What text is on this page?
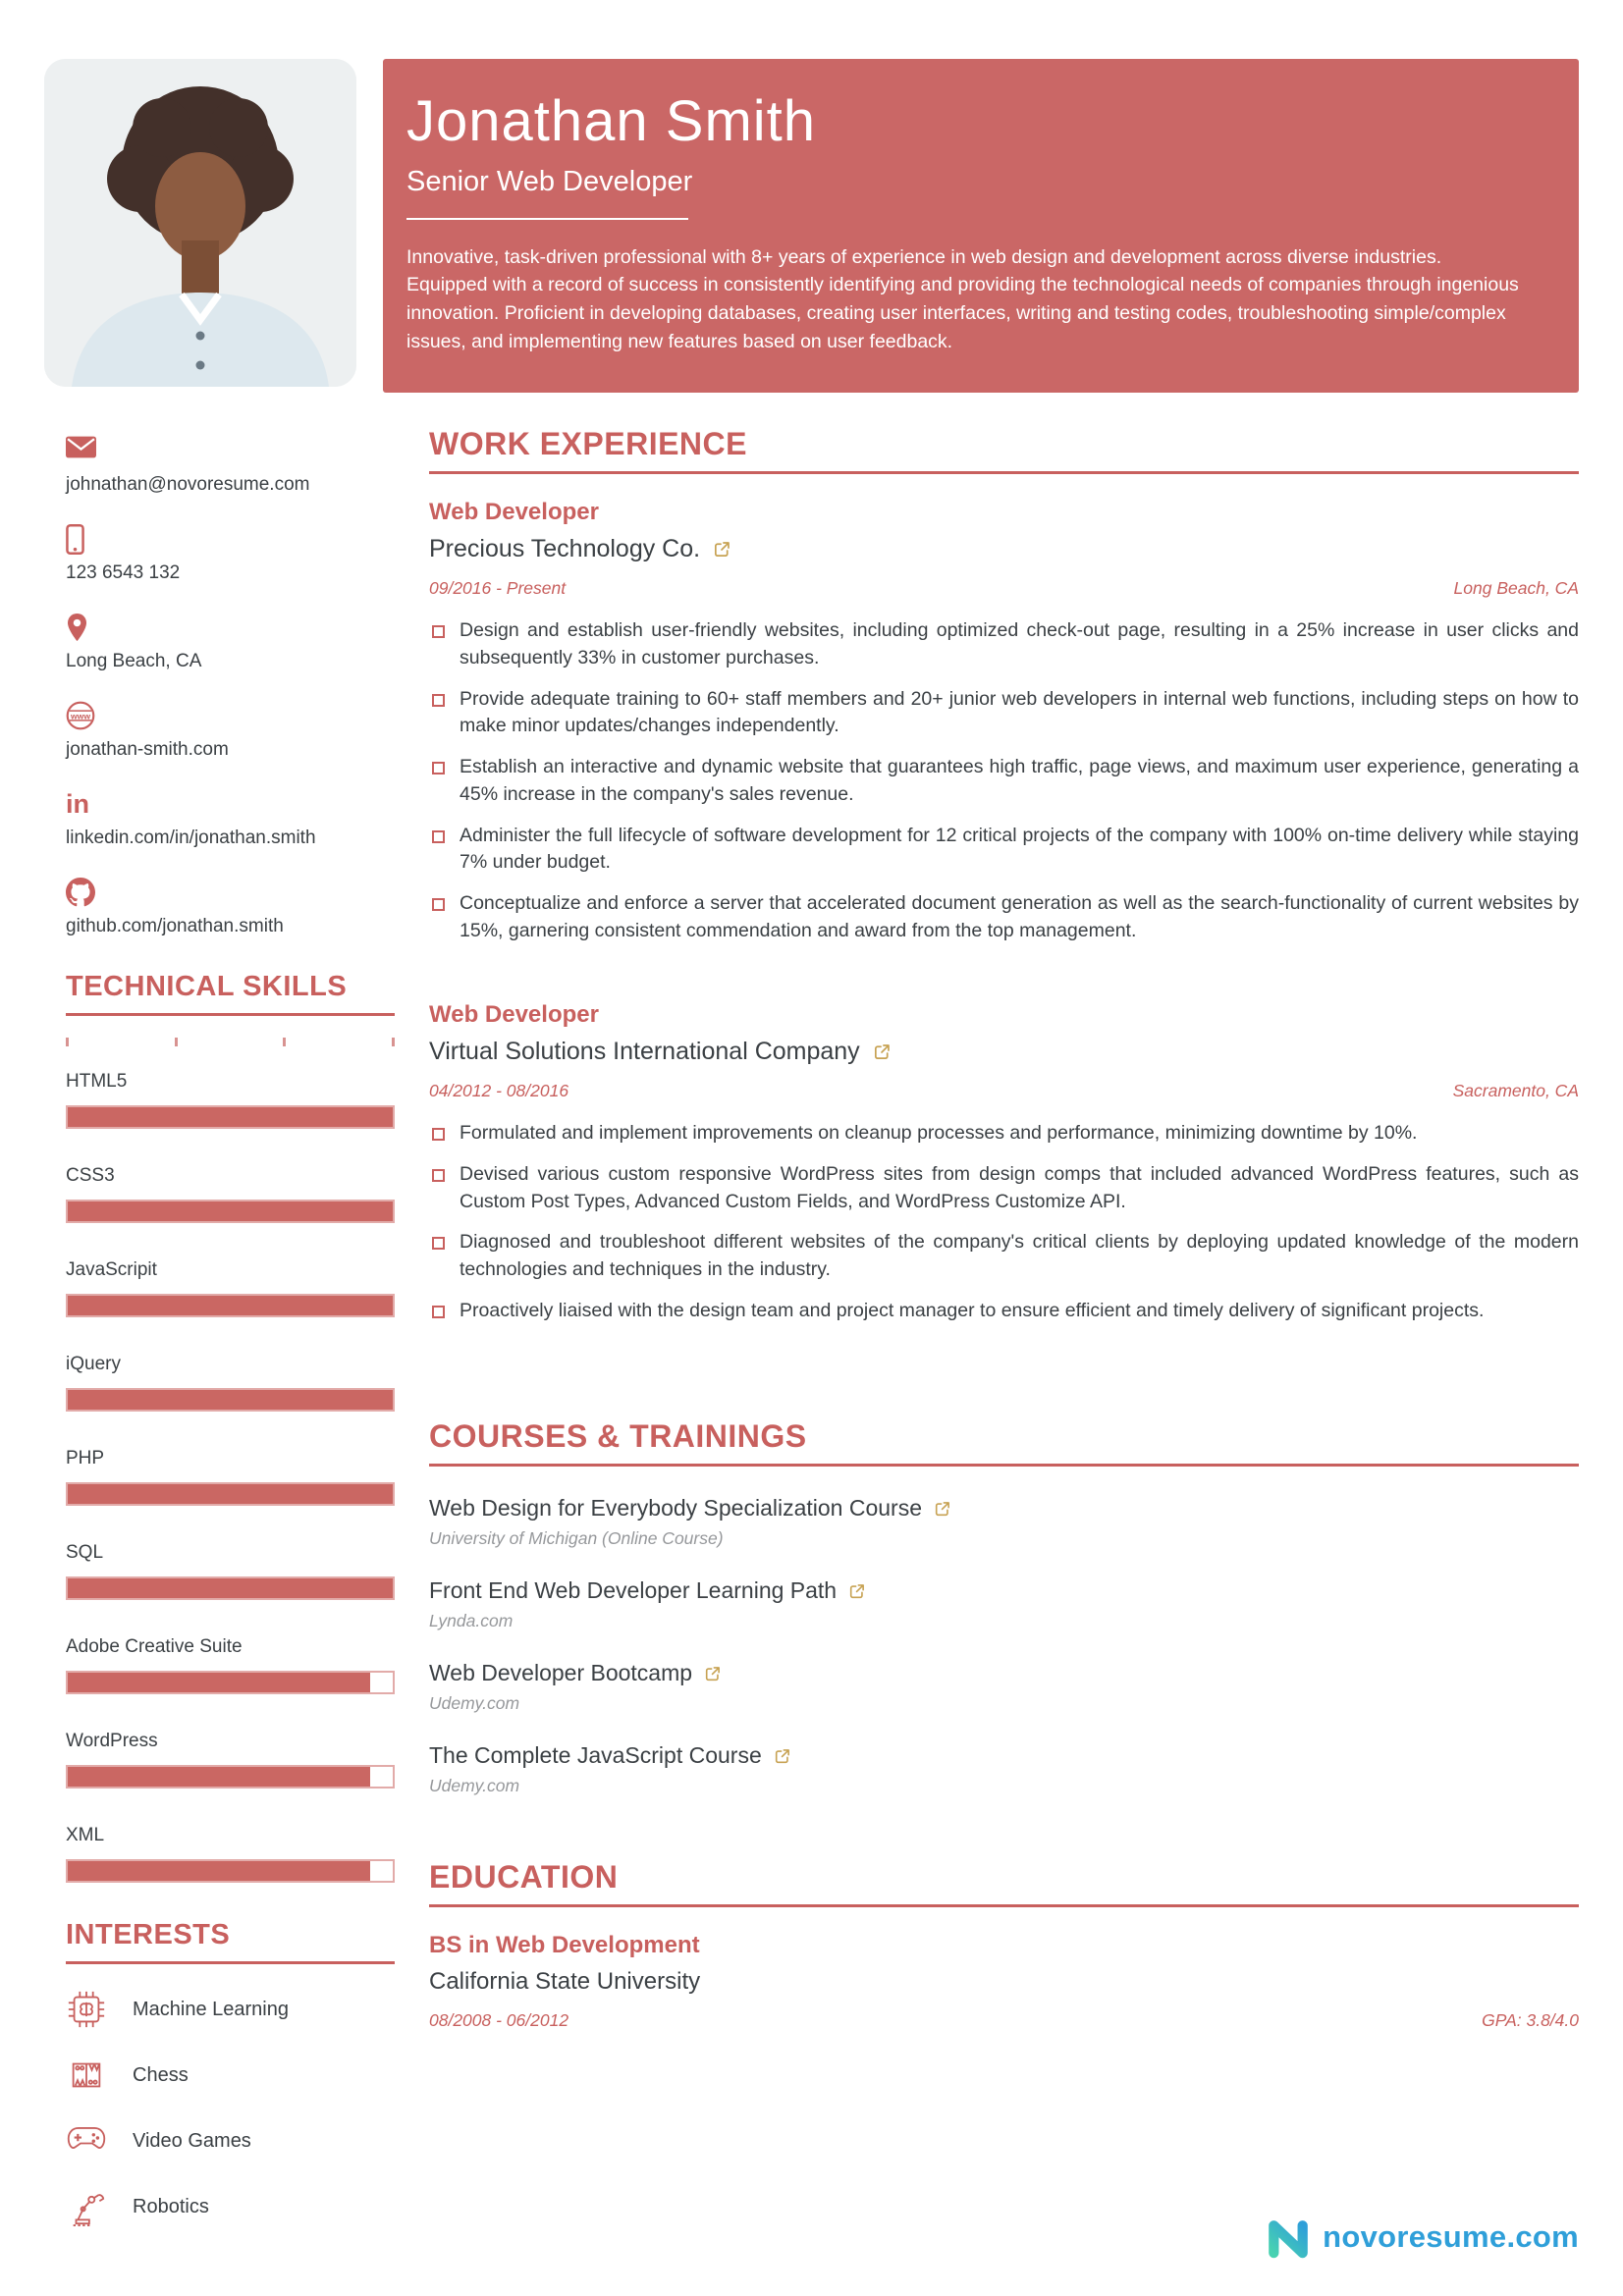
johnathan@novoresume.com
123 6543 132
Long Beach, CA
www
jonathan-smith.com
in
linkedin.com/in/jonathan.smith
github.com/jonathan.smith
TECHNICAL SKILLS
HTML5
CSS3
JavaScripit
iQuery
PHP
SQL
Adobe Creative Suite
WordPress
XML
INTERESTS
Machine Learning
Chess
Video Games
Robotics
Jonathan Smith
Senior Web Developer

Innovative, task-driven professional with 8+ years of experience in web design and development across diverse industries. Equipped with a record of success in consistently identifying and providing the technological needs of companies through ingenious innovation. Proficient in developing databases, creating user interfaces, writing and testing codes, troubleshooting simple/complex issues, and implementing new features based on user feedback.

WORK EXPERIENCE
Web Developer
Precious Technology Co.
09/2016 - Present	Long Beach, CA

Design and establish user-friendly websites, including optimized check-out page, resulting in a 25% increase in user clicks and subsequently 33% in customer purchases.

Provide adequate training to 60+ staff members and 20+ junior web developers in internal web functions, including steps on how to make minor updates/changes independently.

Establish an interactive and dynamic website that guarantees high traffic, page views, and maximum user experience, generating a 45% increase in the company's sales revenue.

Administer the full lifecycle of software development for 12 critical projects of the company with 100% on-time delivery while staying 7% under budget.

Conceptualize and enforce a server that accelerated document generation as well as the search-functionality of current websites by 15%, garnering consistent commendation and award from the top management.

Web Developer
Virtual Solutions International Company
04/2012 - 08/2016	Sacramento, CA

Formulated and implement improvements on cleanup processes and performance, minimizing downtime by 10%.

Devised various custom responsive WordPress sites from design comps that included advanced WordPress features, such as Custom Post Types, Advanced Custom Fields, and WordPress Customize API.

Diagnosed and troubleshoot different websites of the company's critical clients by deploying updated knowledge of the modern technologies and techniques in the industry.

Proactively liaised with the design team and project manager to ensure efficient and timely delivery of significant projects.

COURSES & TRAININGS
Web Design for Everybody Specialization Course
University of Michigan (Online Course)
Front End Web Developer Learning Path
Lynda.com
Web Developer Bootcamp
Udemy.com
The Complete JavaScript Course
Udemy.com
EDUCATION
BS in Web Development
California State University
08/2008 - 06/2012	GPA: 3.8/4.0
novoresume.com
